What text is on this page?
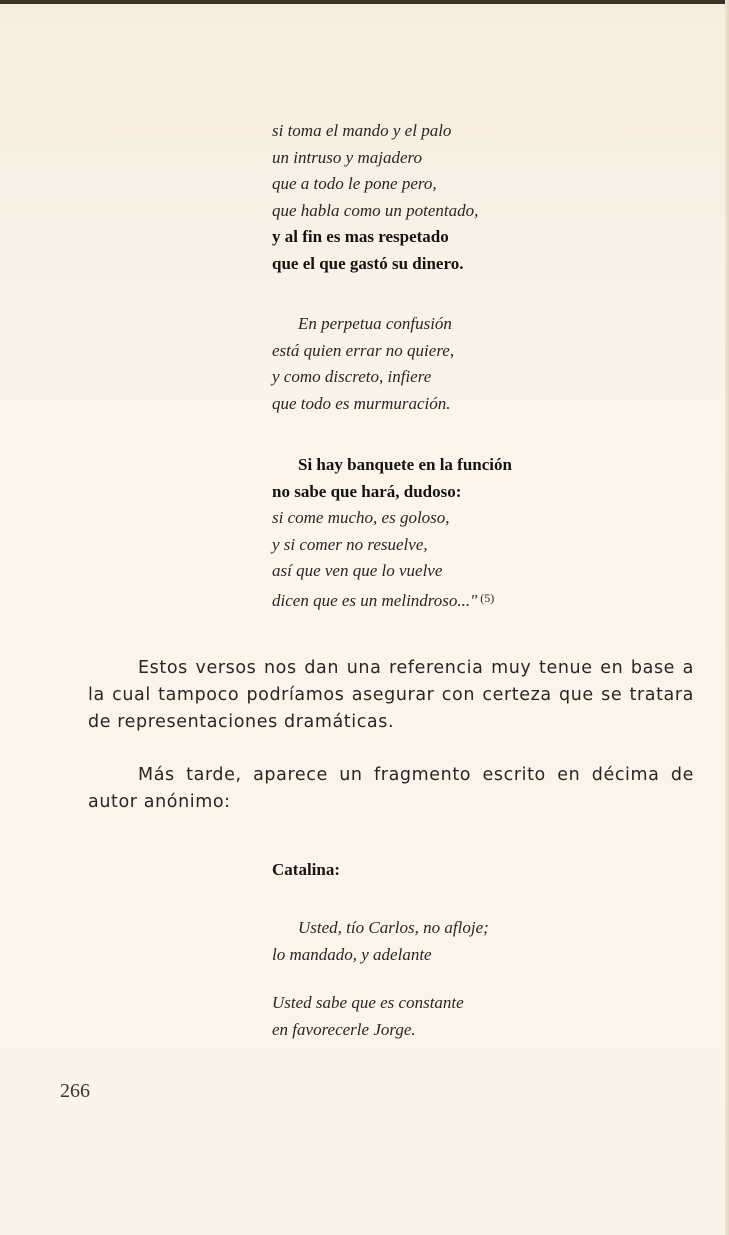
si toma el mando y el palo
un intruso y majadero
que a todo le pone pero,
que habla como un potentado,
y al fin es mas respetado
que el que gastó su dinero.
En perpetua confusión
está quien errar no quiere,
y como discreto, infiere
que todo es murmuración.
Si hay banquete en la función
no sabe que hará, dudoso:
si come mucho, es goloso,
y si comer no resuelve,
así que ven que lo vuelve
dicen que es un melindroso..." $^{(5)}$
Estos versos nos dan una referencia muy tenue en base a la cual tampoco podríamos asegurar con certeza que se tratara de representaciones dramáticas.
Más tarde, aparece un fragmento escrito en décima de autor anónimo:
Catalina:
Usted, tío Carlos, no afloje;
lo mandado, y adelante
Usted sabe que es constante
en favorecerle Jorge.
266
